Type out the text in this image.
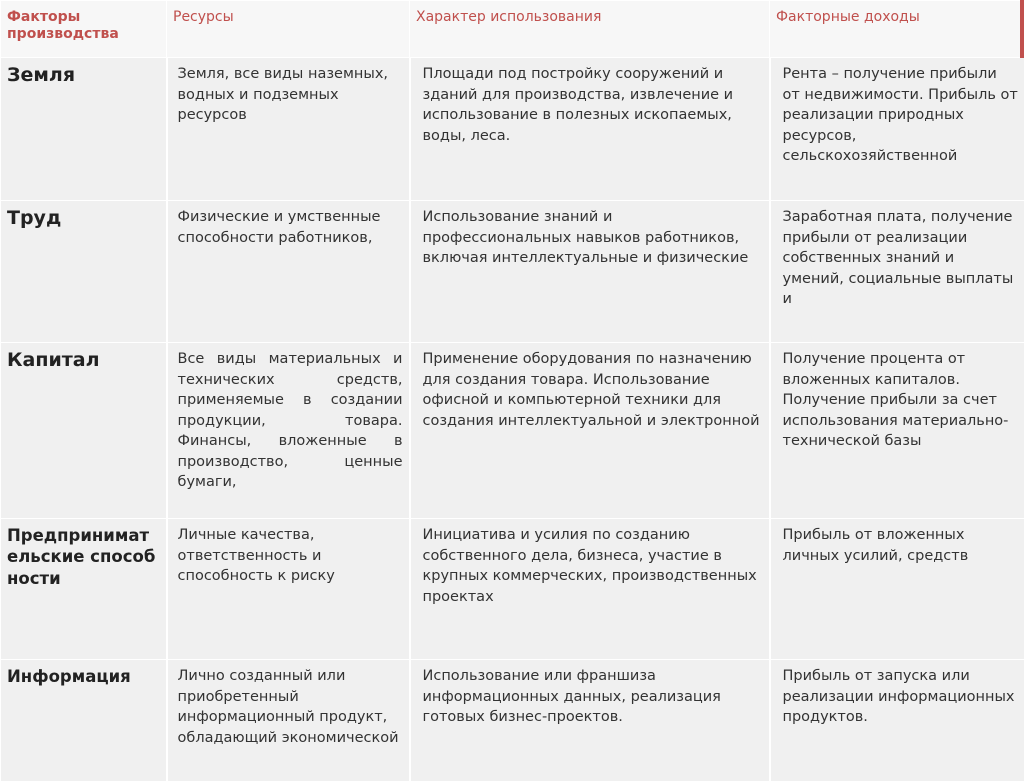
Факторы производства	Ресурсы	Характер использования	Факторные доходы
Земля	Земля, все виды наземных, водных и подземных ресурсов	Площади под постройку сооружений и зданий для производства, извлечение и использование в полезных ископаемых, воды, леса.	Рента – получение прибыли от недвижимости. Прибыль от реализации природных ресурсов, сельскохозяйственной
Труд	Физические и умственные способности работников,	Использование знаний и профессиональных навыков работников, включая интеллектуальные и физические	Заработная плата, получение прибыли от реализации собственных знаний и умений, социальные выплаты и
Капитал	Все виды материальных и технических средств, применяемые в создании продукции, товара. Финансы, вложенные в производство, ценные бумаги,	Применение оборудования по назначению для создания товара. Использование офисной и компьютерной техники для создания интеллектуальной и электронной	Получение процента от вложенных капиталов. Получение прибыли за счет использования материально-технической базы
Предпринимательские способности	Личные качества, ответственность и способность к риску	Инициатива и усилия по созданию собственного дела, бизнеса, участие в крупных коммерческих, производственных проектах	Прибыль от вложенных личных усилий, средств
Информация	Лично созданный или приобретенный информационный продукт, обладающий экономической	Использование или франшиза информационных данных, реализация готовых бизнес-проектов.	Прибыль от запуска или реализации информационных продуктов.
